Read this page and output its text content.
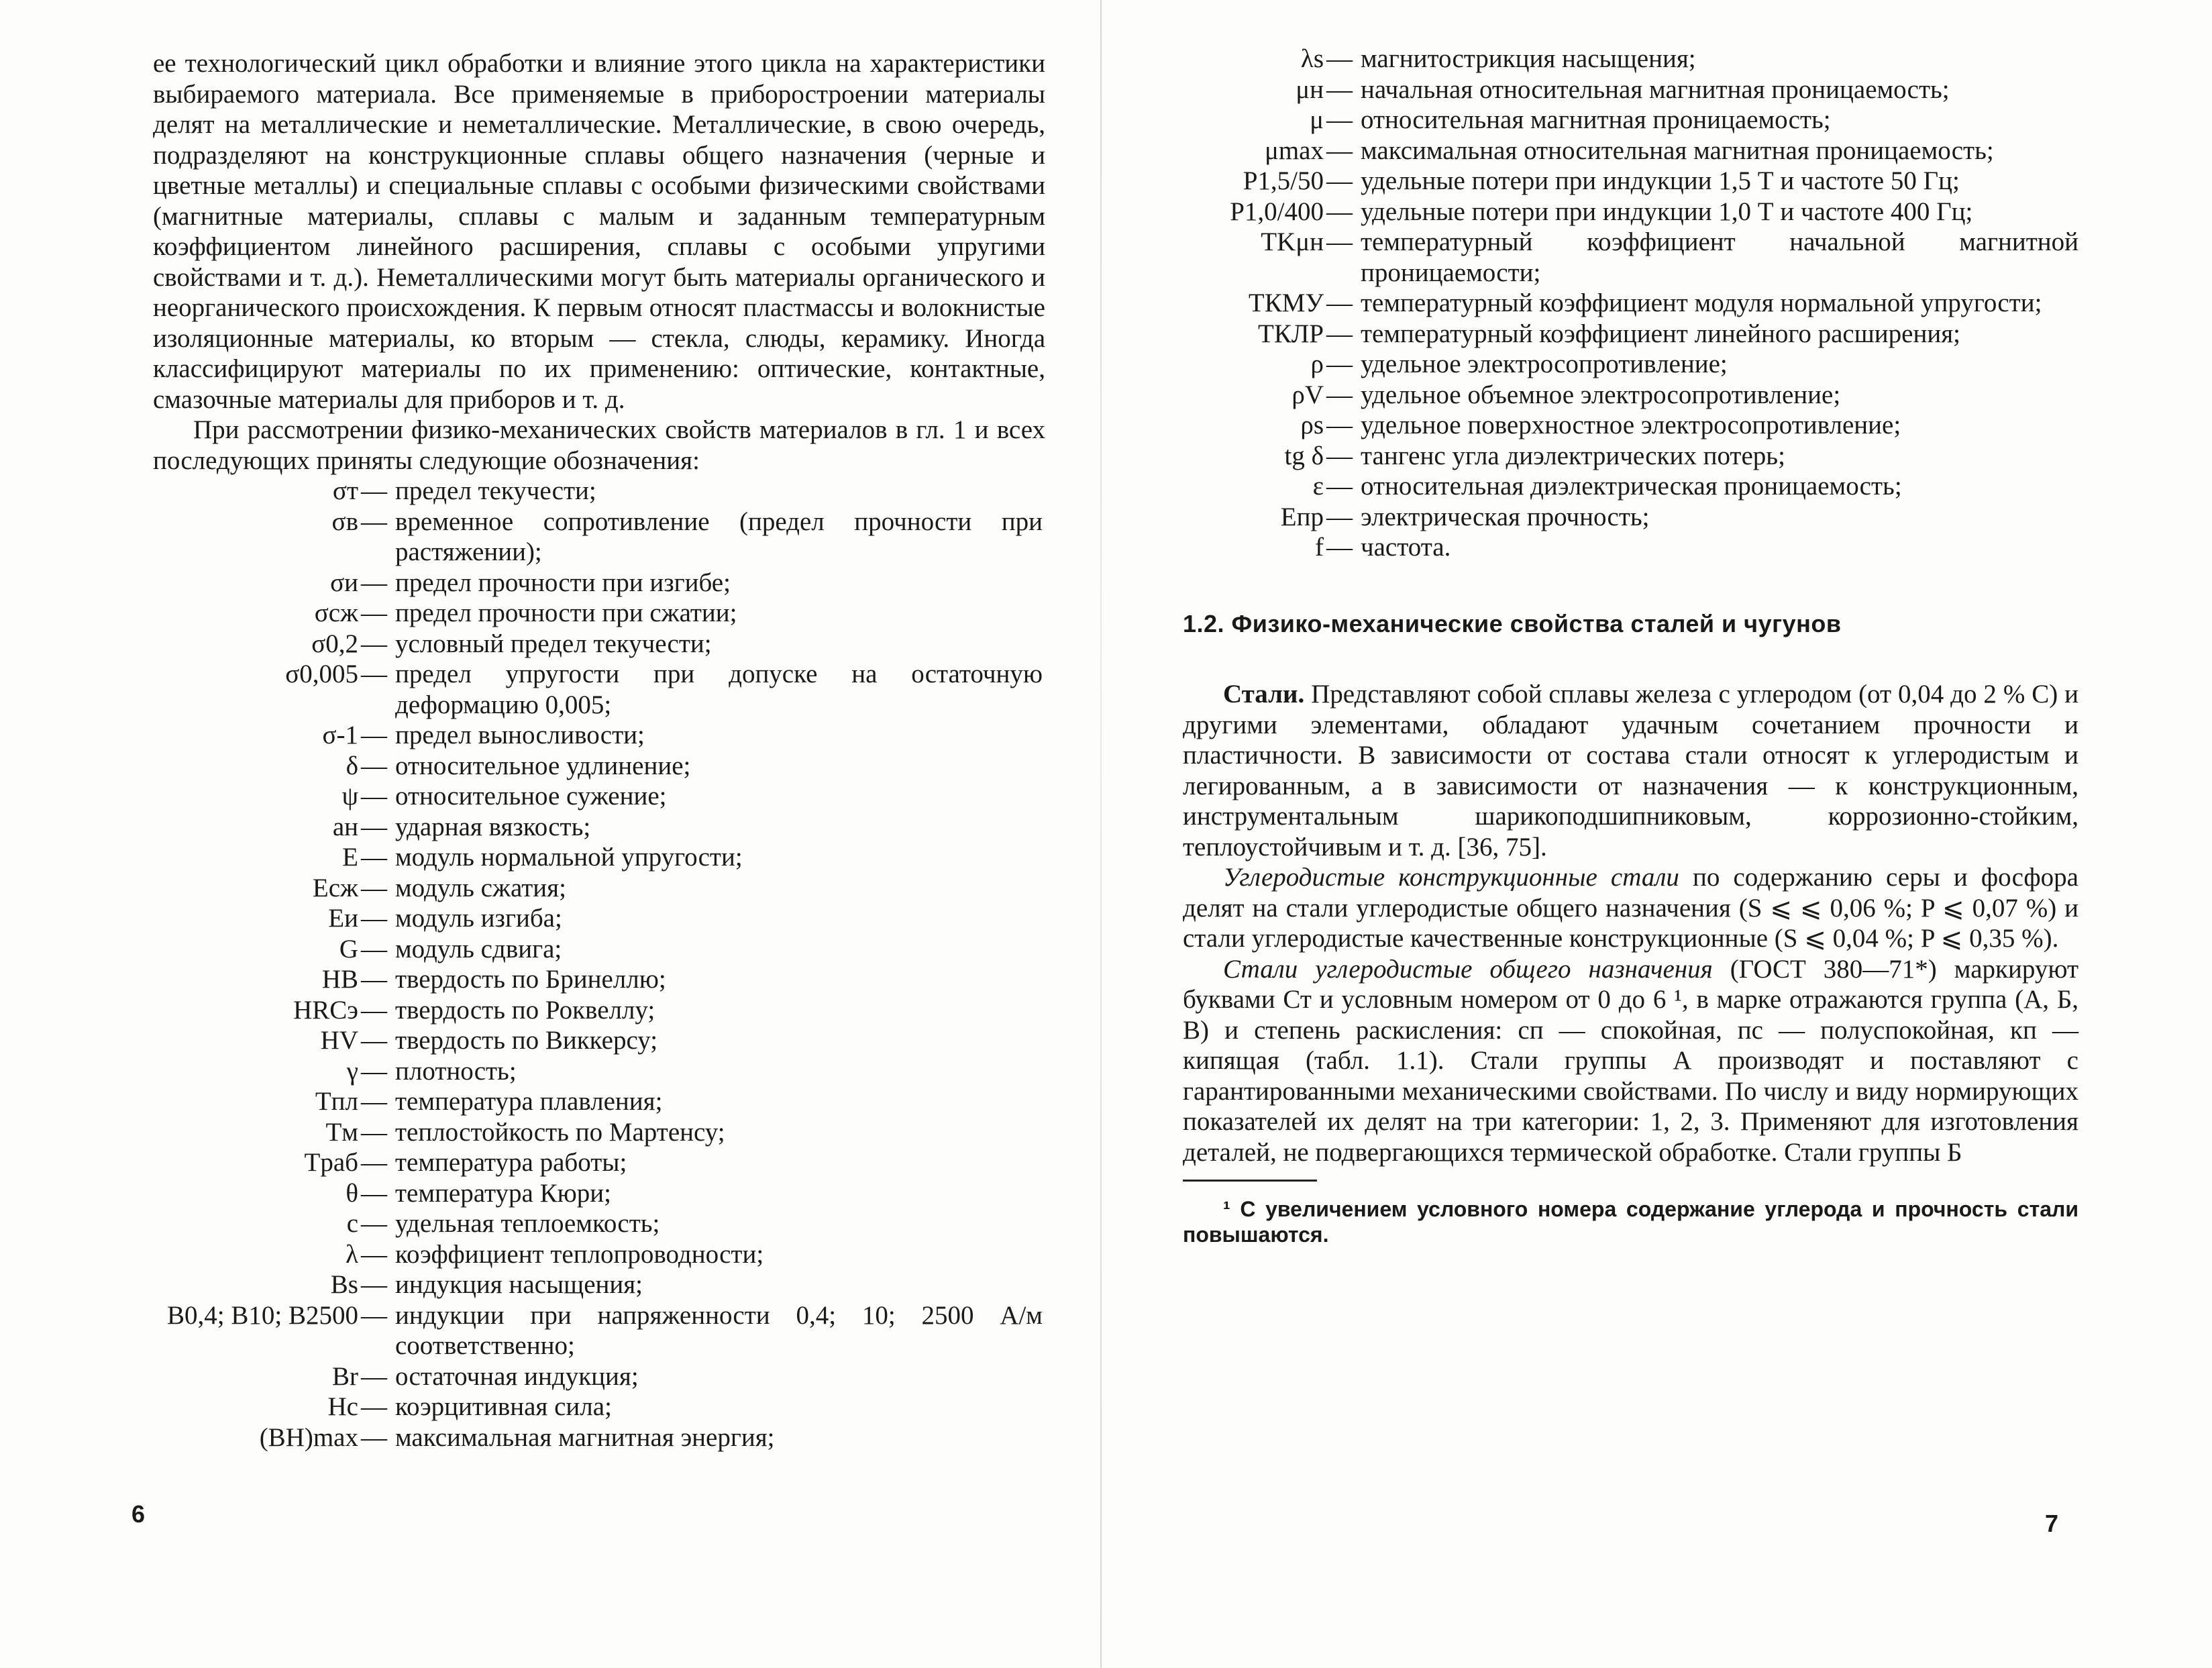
ее технологический цикл обработки и влияние этого цикла на характеристики выбираемого материала. Все применяемые в приборостроении материалы делят на металлические и неметаллические. Металлические, в свою очередь, подразделяют на конструкционные сплавы общего назначения (черные и цветные металлы) и специальные сплавы с особыми физическими свойствами (магнитные материалы, сплавы с малым и заданным температурным коэффициентом линейного расширения, сплавы с особыми упругими свойствами и т. д.). Неметаллическими могут быть материалы органического и неорганического происхождения. К первым относят пластмассы и волокнистые изоляционные материалы, ко вторым — стекла, слюды, керамику. Иногда классифицируют материалы по их применению: оптические, контактные, смазочные материалы для приборов и т. д.

При рассмотрении физико-механических свойств материалов в гл. 1 и всех последующих приняты следующие обозначения:

σт — предел текучести;
σв — временное сопротивление (предел прочности при растяжении);
σи — предел прочности при изгибе;
σсж — предел прочности при сжатии;
σ0,2 — условный предел текучести;
σ0,005 — предел упругости при допуске на остаточную деформацию 0,005;
σ-1 — предел выносливости;
δ — относительное удлинение;
ψ — относительное сужение;
aн — ударная вязкость;
E — модуль нормальной упругости;
Eсж — модуль сжатия;
Eи — модуль изгиба;
G — модуль сдвига;
HB — твердость по Бринеллю;
HRCэ — твердость по Роквеллу;
HV — твердость по Виккерсу;
γ — плотность;
Tпл — температура плавления;
Tм — теплостойкость по Мартенсу;
Tраб — температура работы;
θ — температура Кюри;
c — удельная теплоемкость;
λ — коэффициент теплопроводности;
Bs — индукция насыщения;
B0,4; B10; B2500 — индукции при напряженности 0,4; 10; 2500 А/м соответственно;
Br — остаточная индукция;
Hc — коэрцитивная сила;
(BH)max — максимальная магнитная энергия;
6
λs — магнитострикция насыщения;
μн — начальная относительная магнитная проницаемость;
μ — относительная магнитная проницаемость;
μmax — максимальная относительная магнитная проницаемость;
P1,5/50 — удельные потери при индукции 1,5 Т и частоте 50 Гц;
P1,0/400 — удельные потери при индукции 1,0 Т и частоте 400 Гц;
TKμн — температурный коэффициент начальной магнитной проницаемости;
ТКМУ — температурный коэффициент модуля нормальной упругости;
ТКЛР — температурный коэффициент линейного расширения;
ρ — удельное электросопротивление;
ρV — удельное объемное электросопротивление;
ρs — удельное поверхностное электросопротивление;
tg δ — тангенс угла диэлектрических потерь;
ε — относительная диэлектрическая проницаемость;
Eпр — электрическая прочность;
f — частота.
1.2. Физико-механические свойства сталей и чугунов

Стали. Представляют собой сплавы железа с углеродом (от 0,04 до 2 % С) и другими элементами, обладают удачным сочетанием прочности и пластичности. В зависимости от состава стали относят к углеродистым и легированным, а в зависимости от назначения — к конструкционным, инструментальным шарикоподшипниковым, коррозионно-стойким, теплоустойчивым и т. д. [36, 75].

Углеродистые конструкционные стали по содержанию серы и фосфора делят на стали углеродистые общего назначения (S ⩽ ⩽ 0,06 %; P ⩽ 0,07 %) и стали углеродистые качественные конструкционные (S ⩽ 0,04 %; P ⩽ 0,35 %).

Стали углеродистые общего назначения (ГОСТ 380—71*) маркируют буквами Ст и условным номером от 0 до 6 ¹, в марке отражаются группа (А, Б, В) и степень раскисления: сп — спокойная, пс — полуспокойная, кп — кипящая (табл. 1.1). Стали группы А производят и поставляют с гарантированными механическими свойствами. По числу и виду нормирующих показателей их делят на три категории: 1, 2, 3. Применяют для изготовления деталей, не подвергающихся термической обработке. Стали группы Б

¹ С увеличением условного номера содержание углерода и прочность стали повышаются.

7
